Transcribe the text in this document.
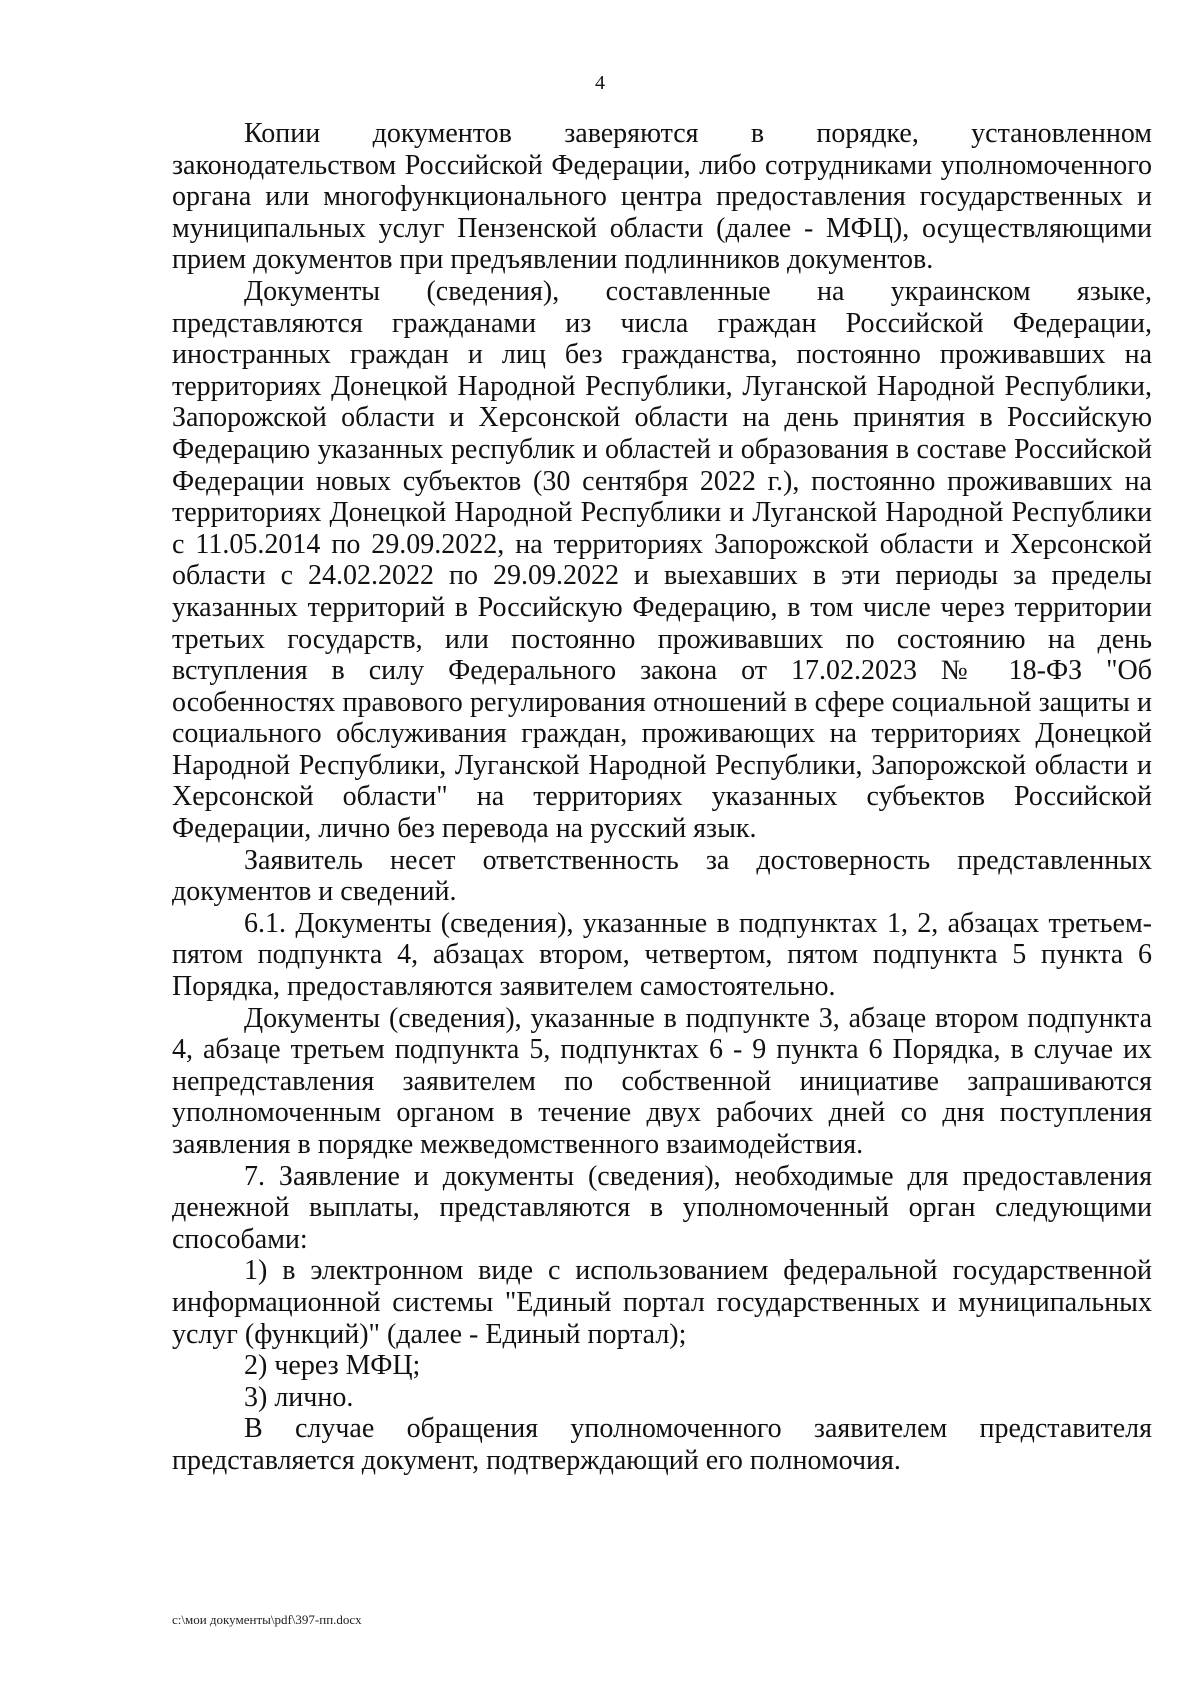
4

Копии документов заверяются в порядке, установленном законодательством Российской Федерации, либо сотрудниками уполномоченного органа или многофункционального центра предоставления государственных и муниципальных услуг Пензенской области (далее - МФЦ), осуществляющими прием документов при предъявлении подлинников документов.

Документы (сведения), составленные на украинском языке, представляются гражданами из числа граждан Российской Федерации, иностранных граждан и лиц без гражданства, постоянно проживавших на территориях Донецкой Народной Республики, Луганской Народной Республики, Запорожской области и Херсонской области на день принятия в Российскую Федерацию указанных республик и областей и образования в составе Российской Федерации новых субъектов (30 сентября 2022 г.), постоянно проживавших на территориях Донецкой Народной Республики и Луганской Народной Республики с 11.05.2014 по 29.09.2022, на территориях Запорожской области и Херсонской области с 24.02.2022 по 29.09.2022 и выехавших в эти периоды за пределы указанных территорий в Российскую Федерацию, в том числе через территории третьих государств, или постоянно проживавших по состоянию на день вступления в силу Федерального закона от 17.02.2023 № 18-ФЗ "Об особенностях правового регулирования отношений в сфере социальной защиты и социального обслуживания граждан, проживающих на территориях Донецкой Народной Республики, Луганской Народной Республики, Запорожской области и Херсонской области" на территориях указанных субъектов Российской Федерации, лично без перевода на русский язык.

Заявитель несет ответственность за достоверность представленных документов и сведений.

6.1. Документы (сведения), указанные в подпунктах 1, 2, абзацах третьем-пятом подпункта 4, абзацах втором, четвертом, пятом подпункта 5 пункта 6 Порядка, предоставляются заявителем самостоятельно.

Документы (сведения), указанные в подпункте 3, абзаце втором подпункта 4, абзаце третьем подпункта 5, подпунктах 6 - 9 пункта 6 Порядка, в случае их непредставления заявителем по собственной инициативе запрашиваются уполномоченным органом в течение двух рабочих дней со дня поступления заявления в порядке межведомственного взаимодействия.

7. Заявление и документы (сведения), необходимые для предоставления денежной выплаты, представляются в уполномоченный орган следующими способами:

1) в электронном виде с использованием федеральной государственной информационной системы "Единый портал государственных и муниципальных услуг (функций)" (далее - Единый портал);

2) через МФЦ;

3) лично.

В случае обращения уполномоченного заявителем представителя представляется документ, подтверждающий его полномочия.

c:\мои документы\pdf\397-пп.docx
